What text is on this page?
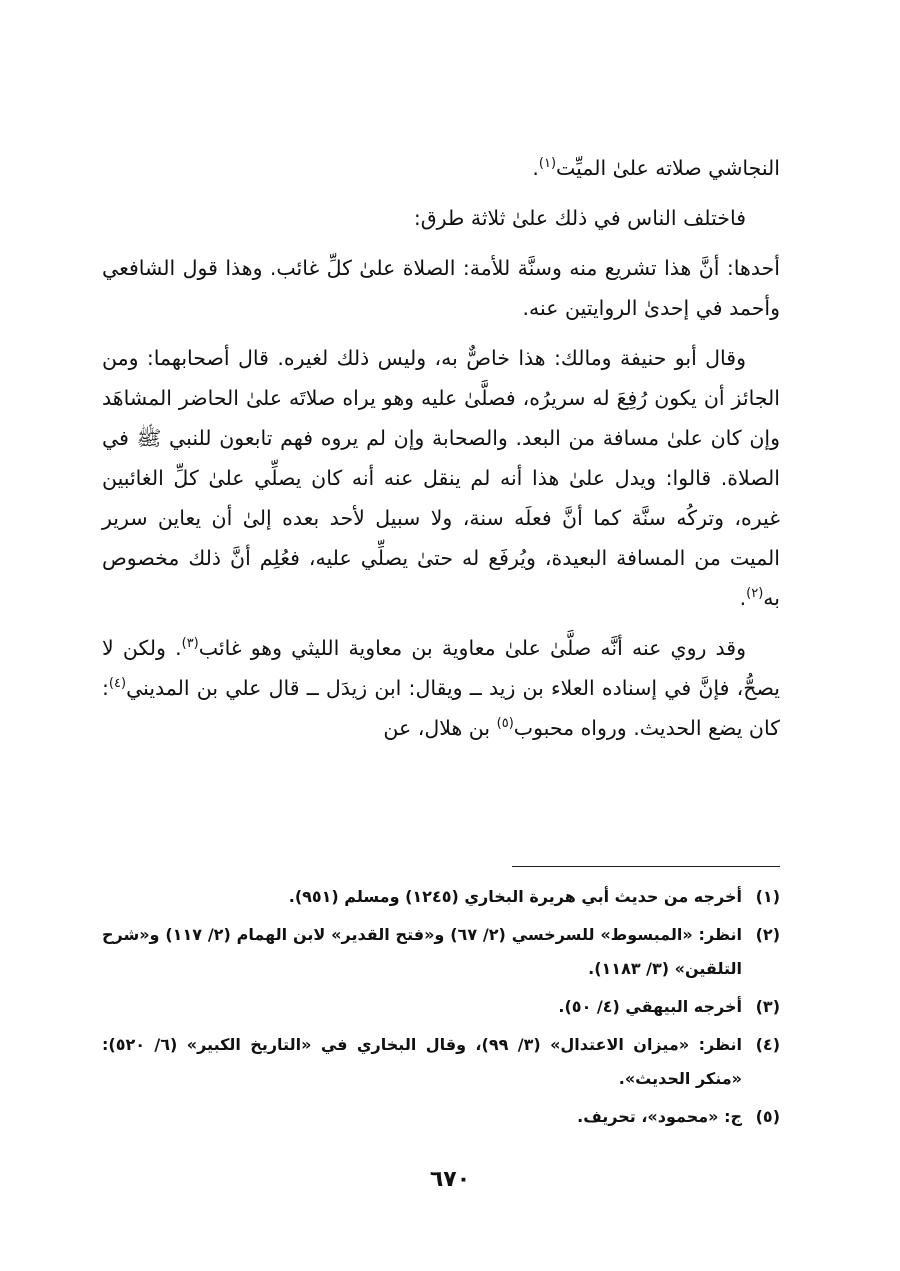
النجاشي صلاته علىٰ الميِّت$^{(١)}$.

فاختلف الناس في ذلك علىٰ ثلاثة طرق:

أحدها: أنَّ هذا تشريع منه وسنَّة للأمة: الصلاة علىٰ كلِّ غائب. وهذا قول الشافعي وأحمد في إحدىٰ الروايتين عنه.

وقال أبو حنيفة ومالك: هذا خاصٌّ به، وليس ذلك لغيره. قال أصحابهما: ومن الجائز أن يكون رُفِعَ له سريرُه، فصلَّىٰ عليه وهو يراه صلاتَه علىٰ الحاضر المشاهَد وإن كان علىٰ مسافة من البعد. والصحابة وإن لم يروه فهم تابعون للنبي ﷺ في الصلاة. قالوا: ويدل علىٰ هذا أنه لم ينقل عنه أنه كان يصلِّي علىٰ كلِّ الغائبين غيره، وتركُه سنَّة كما أنَّ فعلَه سنة، ولا سبيل لأحد بعده إلىٰ أن يعاين سرير الميت من المسافة البعيدة، ويُرفَع له حتىٰ يصلِّي عليه، فعُلِم أنَّ ذلك مخصوص به$^{(٢)}$.

وقد روي عنه أنَّه صلَّىٰ علىٰ معاوية بن معاوية الليثي وهو غائب$^{(٣)}$. ولكن لا يصحُّ، فإنَّ في إسناده العلاء بن زيد ــ ويقال: ابن زيدَل ــ قال علي بن المديني$^{(٤)}$: كان يضع الحديث. ورواه محبوب$^{(٥)}$ بن هلال، عن

(١)
أخرجه من حديث أبي هريرة البخاري (١٢٤٥) ومسلم (٩٥١).
(٢)
انظر: «المبسوط» للسرخسي (٢/ ٦٧) و«فتح القدير» لابن الهمام (٢/ ١١٧) و«شرح التلقين» (٣/ ١١٨٣).
(٣)
أخرجه البيهقي (٤/ ٥٠).
(٤)
انظر: «ميزان الاعتدال» (٣/ ٩٩)، وقال البخاري في «التاريخ الكبير» (٦/ ٥٢٠): «منكر الحديث».
(٥)
ج: «محمود»، تحريف.
٦٧٠
